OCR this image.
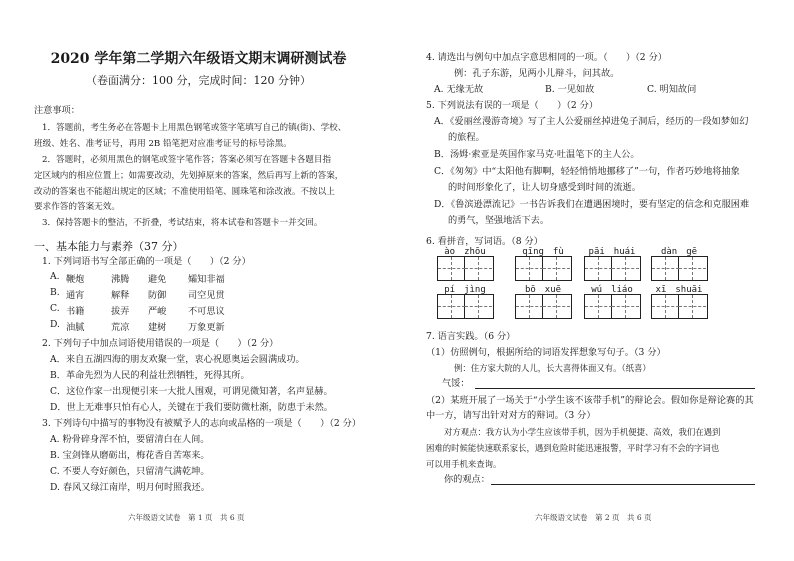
2020 学年第二学期六年级语文期末调研测试卷
（卷面满分：100 分，完成时间：120 分钟）
注意事项：
1．答题前，考生务必在答题卡上用黑色钢笔或签字笔填写自己的镇(街)、学校、
班级、姓名、准考证号，再用 2B 铅笔把对应准考证号的标号涂黑。
2．答题时，必须用黑色的钢笔或签字笔作答；答案必须写在答题卡各题目指
定区域内的相应位置上；如需要改动，先划掉原来的答案，然后再写上新的答案，
改动的答案也不能超出规定的区域；不准使用铅笔、圆珠笔和涂改液。不按以上
要求作答的答案无效。
3．保持答题卡的整洁，不折叠，考试结束，将本试卷和答题卡一并交回。
一、基本能力与素养（37 分）
1. 下列词语书写全部正确的一项是（　　）（2 分）
A. 鞭炮	沸腾 避免 孀知非福
B. 通宵	解释 防御 司空见贯
C. 书籍	拔弄 严峻 不可思议
D. 油腻	荒凉 建树 万象更新
2. 下列句子中加点词语使用错误的一项是（　　）（2 分）
A．来自五湖四海的朋友欢聚一堂，衷心祝愿奥运会圆满成功。
B．革命先烈为人民的利益壮烈牺牲，死得其所。
C．这位作家一出现便引来一大批人围观，可谓见微知著，名声显赫。
D．世上无难事只怕有心人，关键在于我们要防微杜渐，防患于未然。
3. 下列诗句中描写的事物没有被赋予人的志向或品格的一项是（　　）（2 分）
A. 粉骨碎身浑不怕，要留清白在人间。
B. 宝剑锋从磨砺出，梅花香自苦寒来。
C. 不要人夸好颜色，只留清气满乾坤。
D. 春风又绿江南岸，明月何时照我还。
六年级语文试卷　第 1 页　共 6 页
4. 请选出与例句中加点字意思相同的一项。（　　）（2 分）
例：孔子东游，见两小儿辩斗，问其故。
A. 无缘无故	B. 一见如故	C. 明知故问
5. 下列说法有误的一项是（　　）（2 分）
A．《爱丽丝漫游奇境》写了主人公爱丽丝掉进兔子洞后，经历的一段如梦如幻
的旅程。
B．汤姆·索亚是英国作家马克·吐温笔下的主人公。
C．《匆匆》中“太阳他有脚啊，轻轻悄悄地挪移了”一句，作者巧妙地将抽象
的时间形象化了，让人切身感受到时间的流逝。
D．《鲁滨逊漂流记》一书告诉我们在遭遇困境时，要有坚定的信念和克服困难
的勇气，坚强地活下去。
6. 看拼音，写词语。（8 分）
ào　zhōu	qīng　fù	pāi　huái	dàn　gē
pí　jìng	bō　xuē	wú　liáo	xī　shuāi
7. 语言实践。（6 分）
（1）仿照例句，根据所给的词语发挥想象写句子。（3 分）
例：住方家大院的人儿，长大喜得体面又有。（纸喜）
气馁：
（2）某班开展了一场关于“小学生该不该带手机”的辩论会。假如你是辩论赛的其
中一方，请写出针对对方的辩词。（3 分）
对方观点：我方认为小学生应该带手机，因为手机便捷、高效，我们在遇到
困难的时候能快速联系家长，遇到危险时能迅速报警，平时学习有不会的字词也
可以用手机来查询。
你的观点：
六年级语文试卷　第 2 页　共 6 页
